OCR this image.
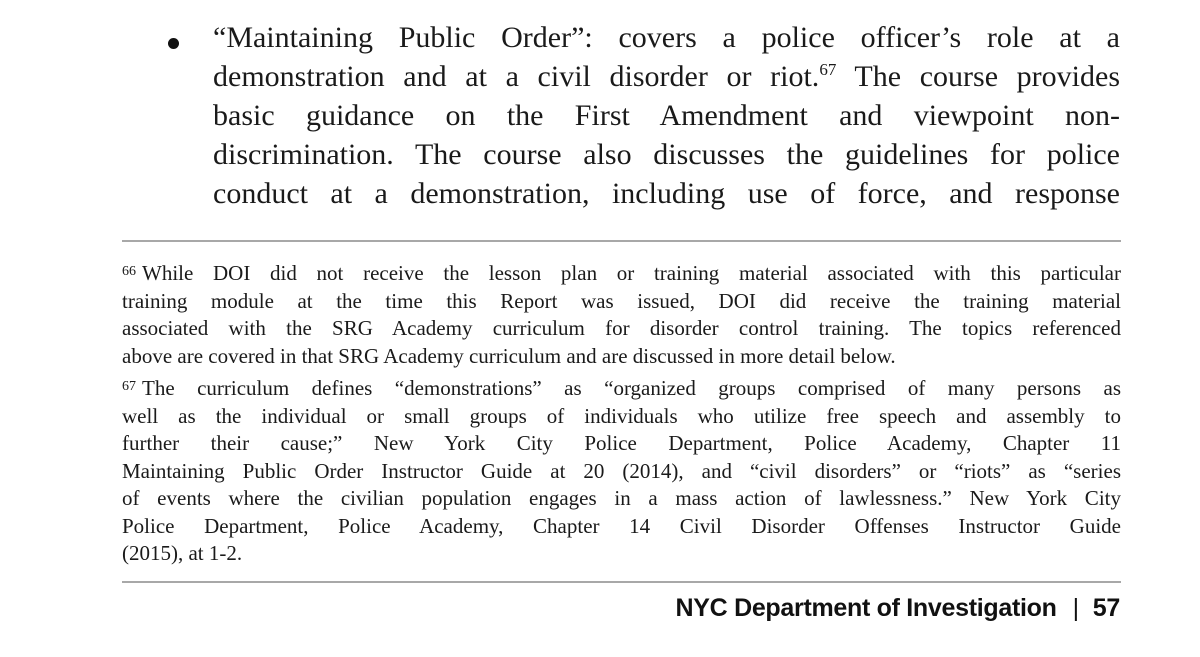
“Maintaining Public Order”: covers a police officer’s role at a
demonstration and at a civil disorder or riot.$^{67}$ The course provides
basic guidance on the First Amendment and viewpoint non-
discrimination. The course also discusses the guidelines for police
conduct at a demonstration, including use of force, and response
$^{66}$ While DOI did not receive the lesson plan or training material associated with this particular
training module at the time this Report was issued, DOI did receive the training material
associated with the SRG Academy curriculum for disorder control training. The topics referenced
above are covered in that SRG Academy curriculum and are discussed in more detail below.
$^{67}$ The curriculum defines “demonstrations” as “organized groups comprised of many persons as
well as the individual or small groups of individuals who utilize free speech and assembly to
further their cause;” New York City Police Department, Police Academy, Chapter 11
Maintaining Public Order Instructor Guide at 20 (2014), and “civil disorders” or “riots” as “series
of events where the civilian population engages in a mass action of lawlessness.” New York City
Police Department, Police Academy, Chapter 14 Civil Disorder Offenses Instructor Guide
(2015), at 1-2.
NYC Department of Investigation | 57
